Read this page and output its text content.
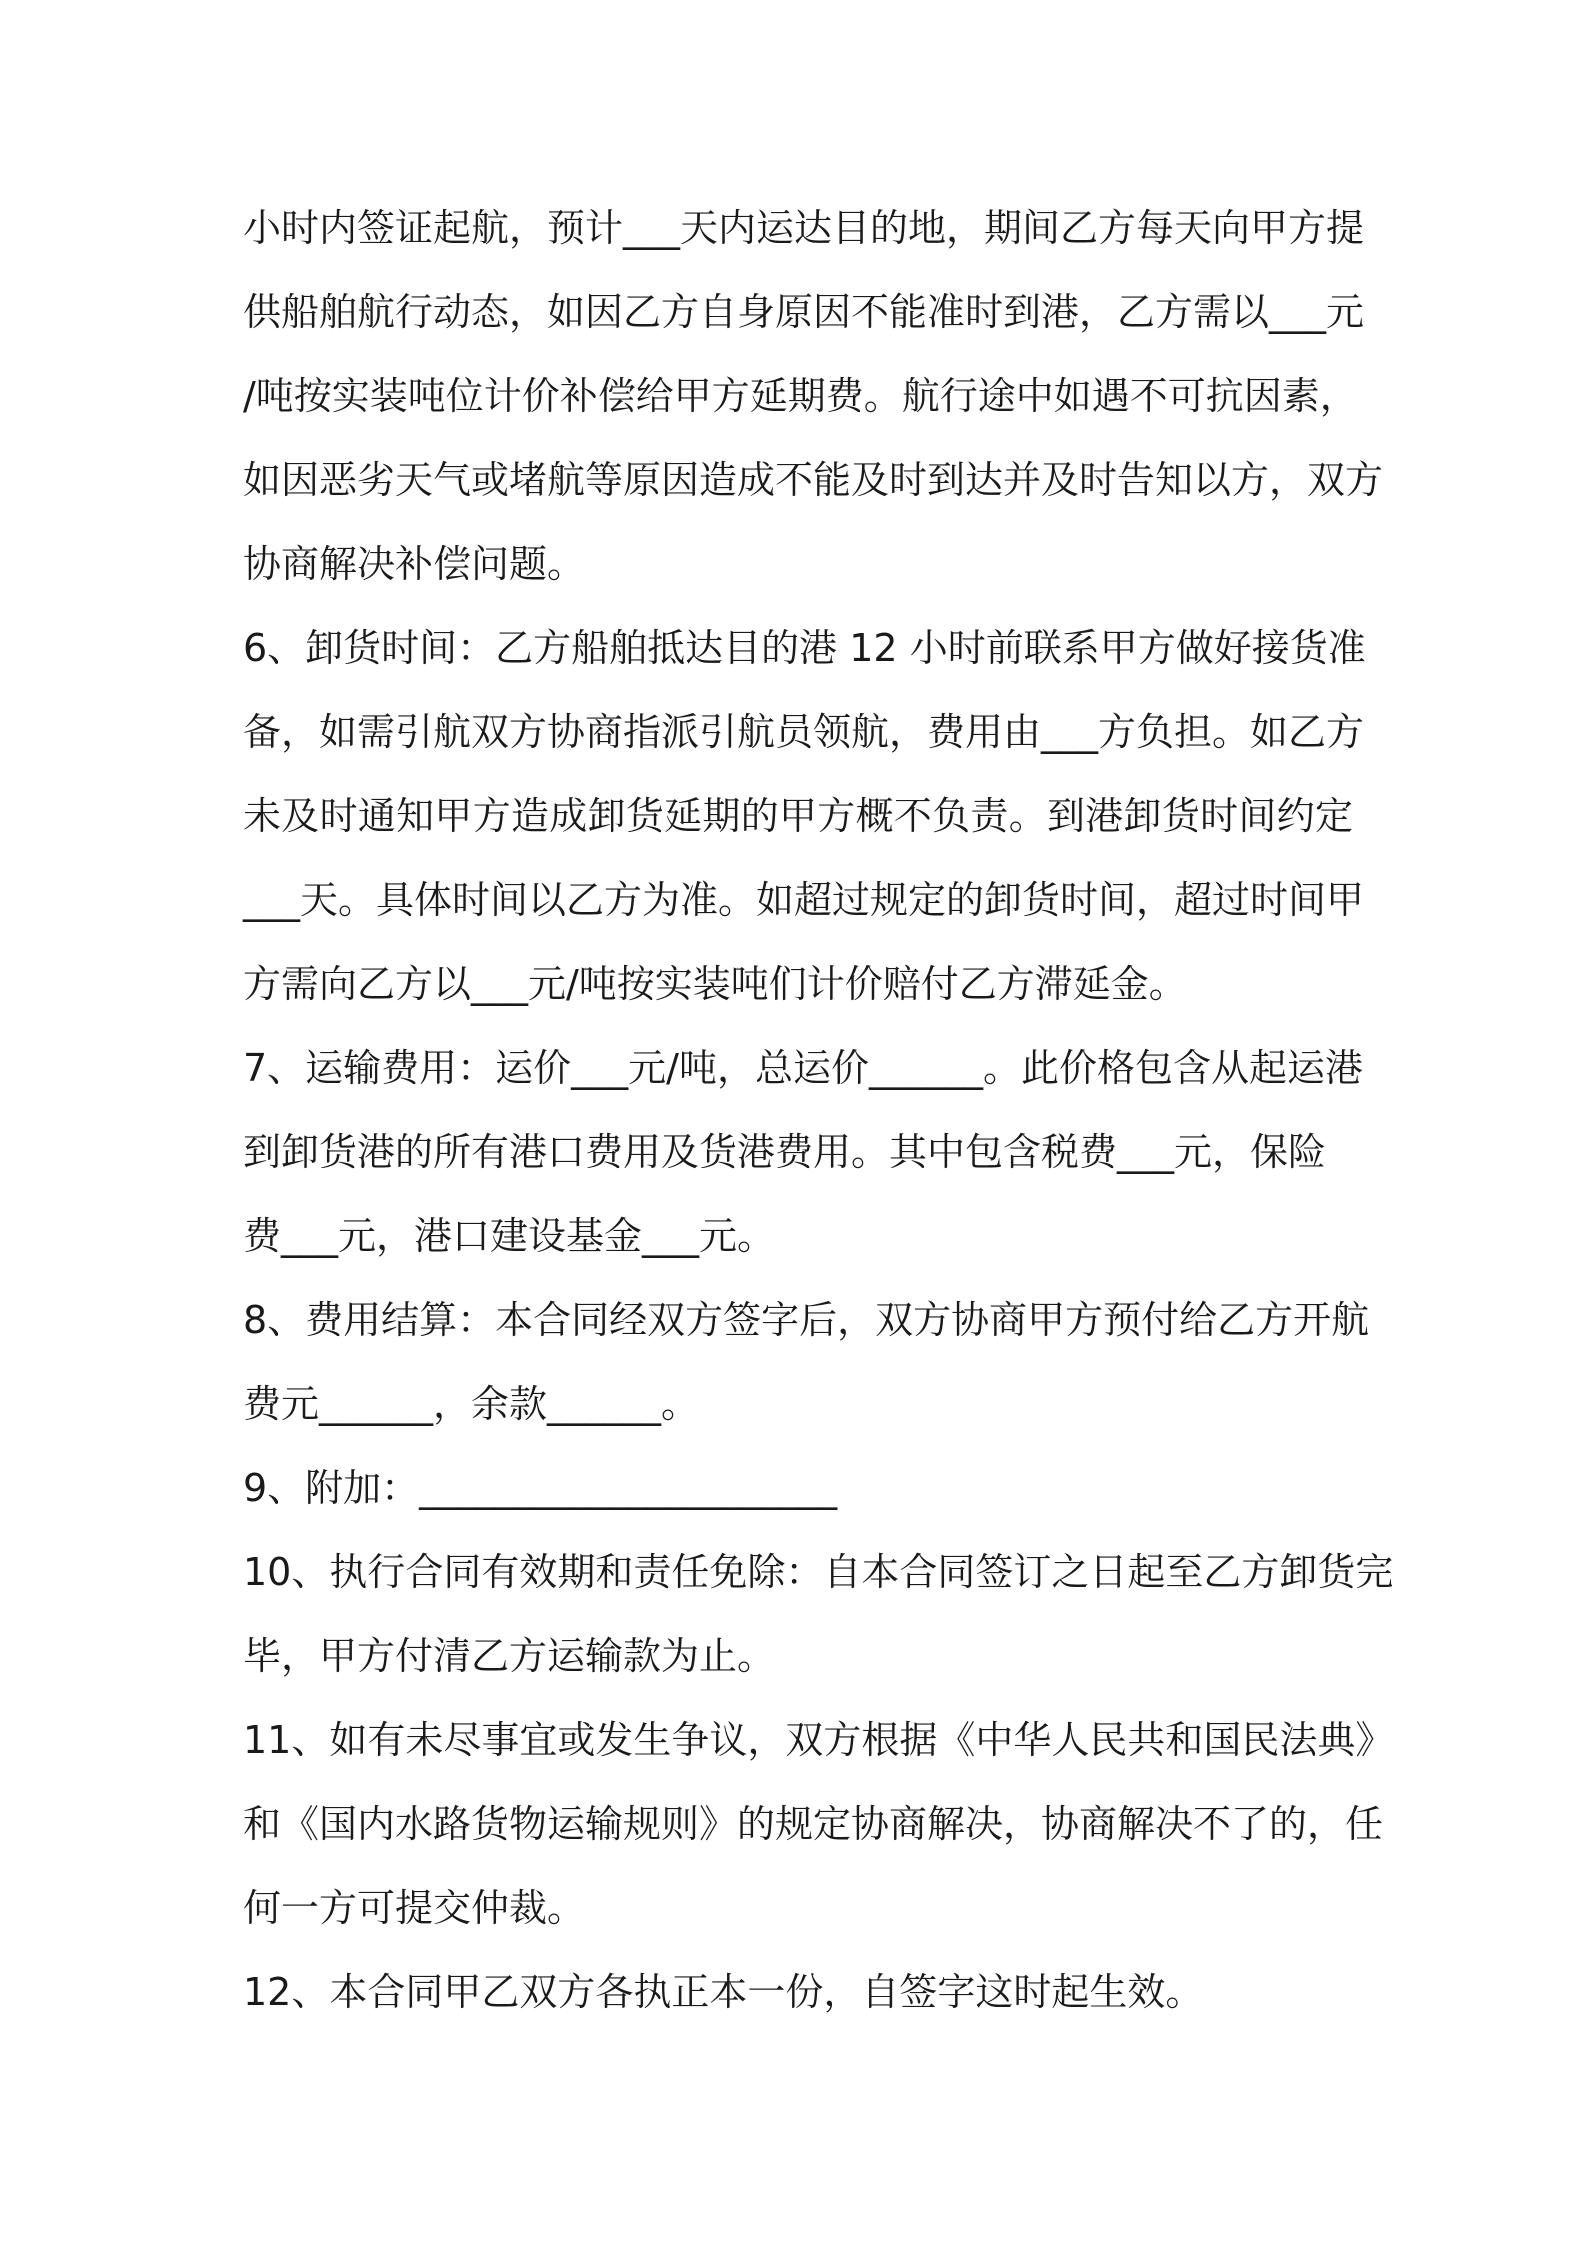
小时内签证起航，预计___天内运达目的地，期间乙方每天向甲方提
供船舶航行动态，如因乙方自身原因不能准时到港，乙方需以___元
/吨按实装吨位计价补偿给甲方延期费。航行途中如遇不可抗因素，
如因恶劣天气或堵航等原因造成不能及时到达并及时告知以方，双方
协商解决补偿问题。
6、卸货时间：乙方船舶抵达目的港 12 小时前联系甲方做好接货准
备，如需引航双方协商指派引航员领航，费用由___方负担。如乙方
未及时通知甲方造成卸货延期的甲方概不负责。到港卸货时间约定
___天。具体时间以乙方为准。如超过规定的卸货时间，超过时间甲
方需向乙方以___元/吨按实装吨们计价赔付乙方滞延金。
7、运输费用：运价___元/吨，总运价______。此价格包含从起运港
到卸货港的所有港口费用及货港费用。其中包含税费___元，保险
费___元，港口建设基金___元。
8、费用结算：本合同经双方签字后，双方协商甲方预付给乙方开航
费元______，余款______。
9、附加：______________________
10、执行合同有效期和责任免除：自本合同签订之日起至乙方卸货完
毕，甲方付清乙方运输款为止。
11、如有未尽事宜或发生争议，双方根据《中华人民共和国民法典》
和《国内水路货物运输规则》的规定协商解决，协商解决不了的，任
何一方可提交仲裁。
12、本合同甲乙双方各执正本一份，自签字这时起生效。
